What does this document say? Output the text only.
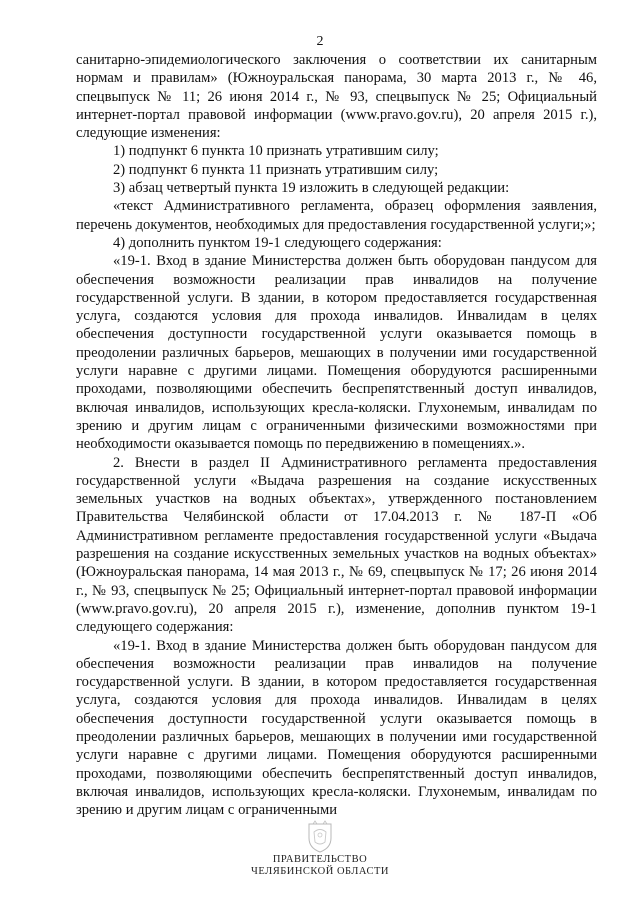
2

санитарно-эпидемиологического заключения о соответствии их санитарным нормам и правилам» (Южноуральская панорама, 30 марта 2013 г., № 46, спецвыпуск № 11; 26 июня 2014 г., № 93, спецвыпуск № 25; Официальный интернет-портал правовой информации (www.pravo.gov.ru), 20 апреля 2015 г.), следующие изменения:

1) подпункт 6 пункта 10 признать утратившим силу;

2) подпункт 6 пункта 11 признать утратившим силу;

3) абзац четвертый пункта 19 изложить в следующей редакции:

«текст Административного регламента, образец оформления заявления, перечень документов, необходимых для предоставления государственной услуги;»;

4) дополнить пунктом 19-1 следующего содержания:

«19-1. Вход в здание Министерства должен быть оборудован пандусом для обеспечения возможности реализации прав инвалидов на получение государственной услуги. В здании, в котором предоставляется государственная услуга, создаются условия для прохода инвалидов. Инвалидам в целях обеспечения доступности государственной услуги оказывается помощь в преодолении различных барьеров, мешающих в получении ими государственной услуги наравне с другими лицами. Помещения оборудуются расширенными проходами, позволяющими обеспечить беспрепятственный доступ инвалидов, включая инвалидов, использующих кресла-коляски. Глухонемым, инвалидам по зрению и другим лицам с ограниченными физическими возможностями при необходимости оказывается помощь по передвижению в помещениях.».

2. Внести в раздел II Административного регламента предоставления государственной услуги «Выдача разрешения на создание искусственных земельных участков на водных объектах», утвержденного постановлением Правительства Челябинской области от 17.04.2013 г. № 187-П «Об Административном регламенте предоставления государственной услуги «Выдача разрешения на создание искусственных земельных участков на водных объектах» (Южноуральская панорама, 14 мая 2013 г., № 69, спецвыпуск № 17; 26 июня 2014 г., № 93, спецвыпуск № 25; Официальный интернет-портал правовой информации (www.pravo.gov.ru), 20 апреля 2015 г.), изменение, дополнив пунктом 19-1 следующего содержания:

«19-1. Вход в здание Министерства должен быть оборудован пандусом для обеспечения возможности реализации прав инвалидов на получение государственной услуги. В здании, в котором предоставляется государственная услуга, создаются условия для прохода инвалидов. Инвалидам в целях обеспечения доступности государственной услуги оказывается помощь в преодолении различных барьеров, мешающих в получении ими государственной услуги наравне с другими лицами. Помещения оборудуются расширенными проходами, позволяющими обеспечить беспрепятственный доступ инвалидов, включая инвалидов, использующих кресла-коляски. Глухонемым, инвалидам по зрению и другим лицам с ограниченными

ПРАВИТЕЛЬСТВО
ЧЕЛЯБИНСКОЙ ОБЛАСТИ
